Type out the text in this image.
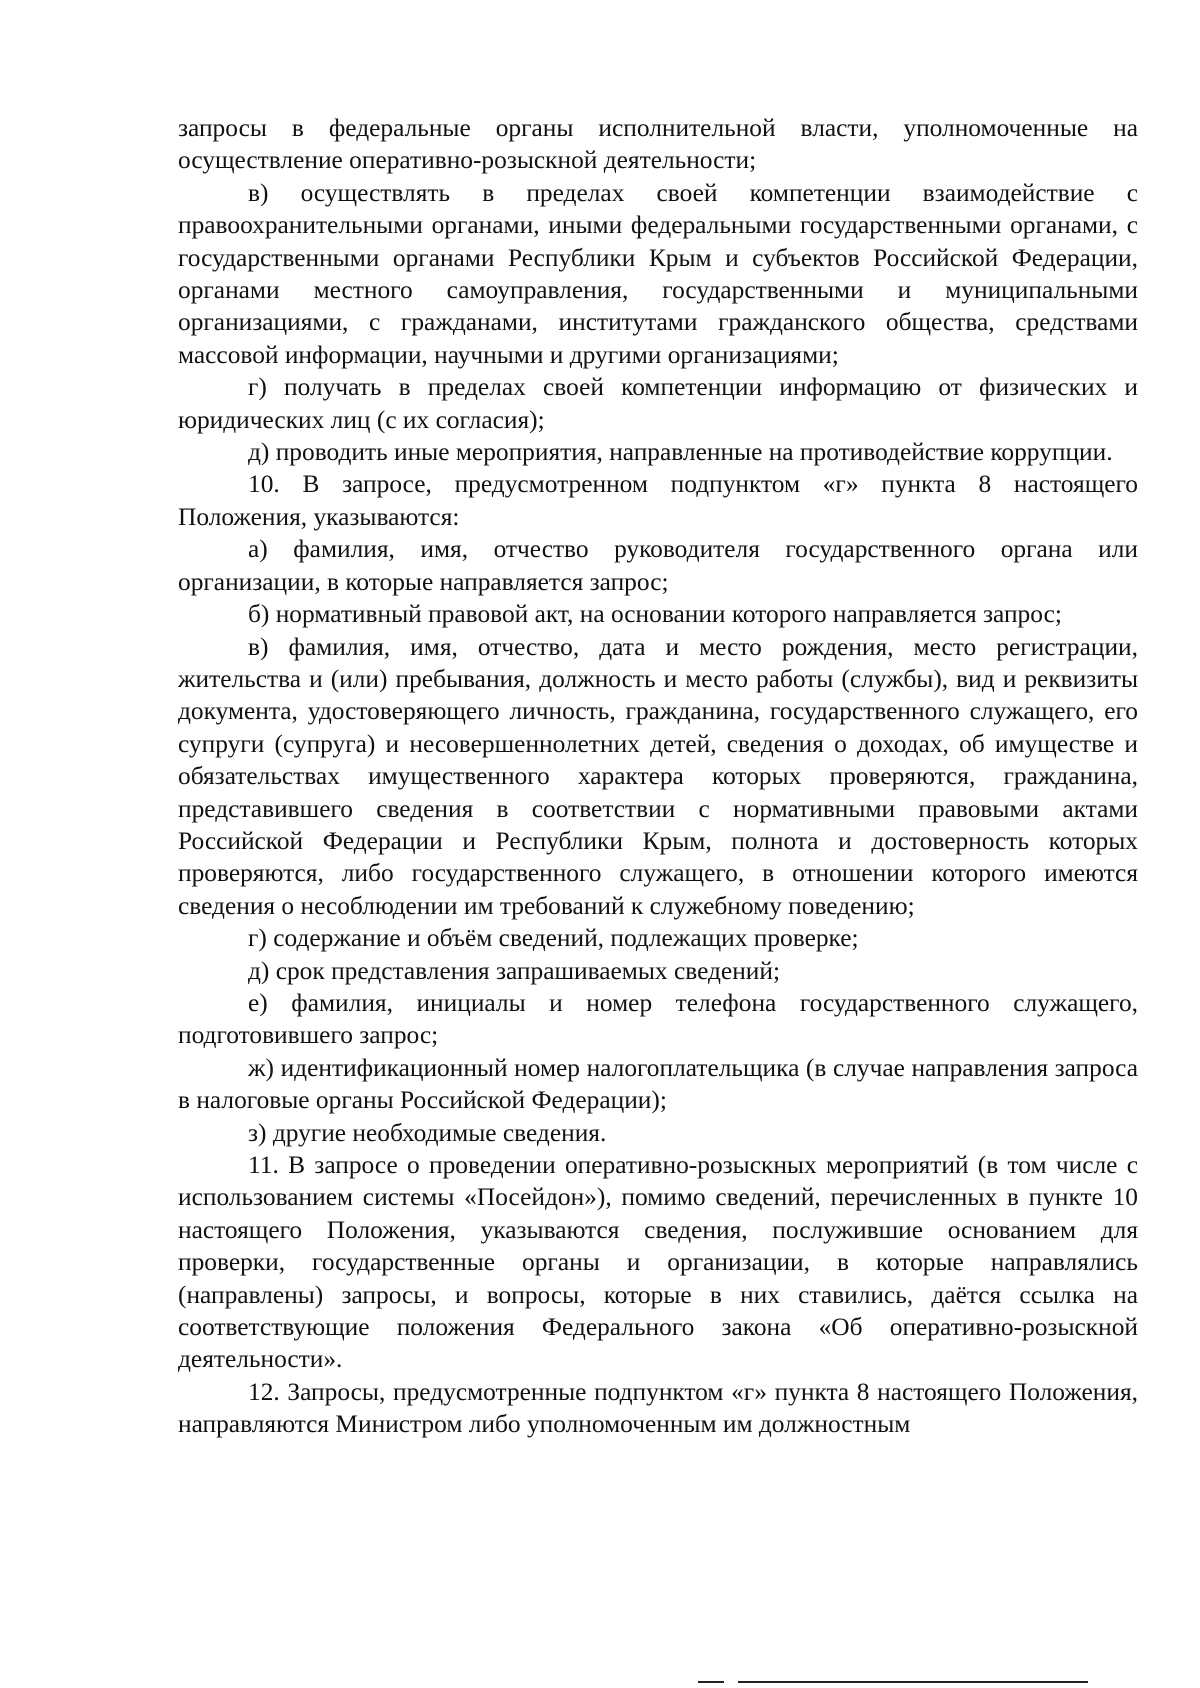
запросы в федеральные органы исполнительной власти, уполномоченные на осуществление оперативно-розыскной деятельности;

в) осуществлять в пределах своей компетенции взаимодействие с правоохранительными органами, иными федеральными государственными органами, с государственными органами Республики Крым и субъектов Российской Федерации, органами местного самоуправления, государственными и муниципальными организациями, с гражданами, институтами гражданского общества, средствами массовой информации, научными и другими организациями;

г) получать в пределах своей компетенции информацию от физических и юридических лиц (с их согласия);

д) проводить иные мероприятия, направленные на противодействие коррупции.

10. В запросе, предусмотренном подпунктом «г» пункта 8 настоящего Положения, указываются:

а) фамилия, имя, отчество руководителя государственного органа или организации, в которые направляется запрос;

б) нормативный правовой акт, на основании которого направляется запрос;

в) фамилия, имя, отчество, дата и место рождения, место регистрации, жительства и (или) пребывания, должность и место работы (службы), вид и реквизиты документа, удостоверяющего личность, гражданина, государственного служащего, его супруги (супруга) и несовершеннолетних детей, сведения о доходах, об имуществе и обязательствах имущественного характера которых проверяются, гражданина, представившего сведения в соответствии с нормативными правовыми актами Российской Федерации и Республики Крым, полнота и достоверность которых проверяются, либо государственного служащего, в отношении которого имеются сведения о несоблюдении им требований к служебному поведению;

г) содержание и объём сведений, подлежащих проверке;

д) срок представления запрашиваемых сведений;

е) фамилия, инициалы и номер телефона государственного служащего, подготовившего запрос;

ж) идентификационный номер налогоплательщика (в случае направления запроса в налоговые органы Российской Федерации);

з) другие необходимые сведения.

11. В запросе о проведении оперативно-розыскных мероприятий (в том числе с использованием системы «Посейдон»), помимо сведений, перечисленных в пункте 10 настоящего Положения, указываются сведения, послужившие основанием для проверки, государственные органы и организации, в которые направлялись (направлены) запросы, и вопросы, которые в них ставились, даётся ссылка на соответствующие положения Федерального закона «Об оперативно-розыскной деятельности».

12. Запросы, предусмотренные подпунктом «г» пункта 8 настоящего Положения, направляются Министром либо уполномоченным им должностным
